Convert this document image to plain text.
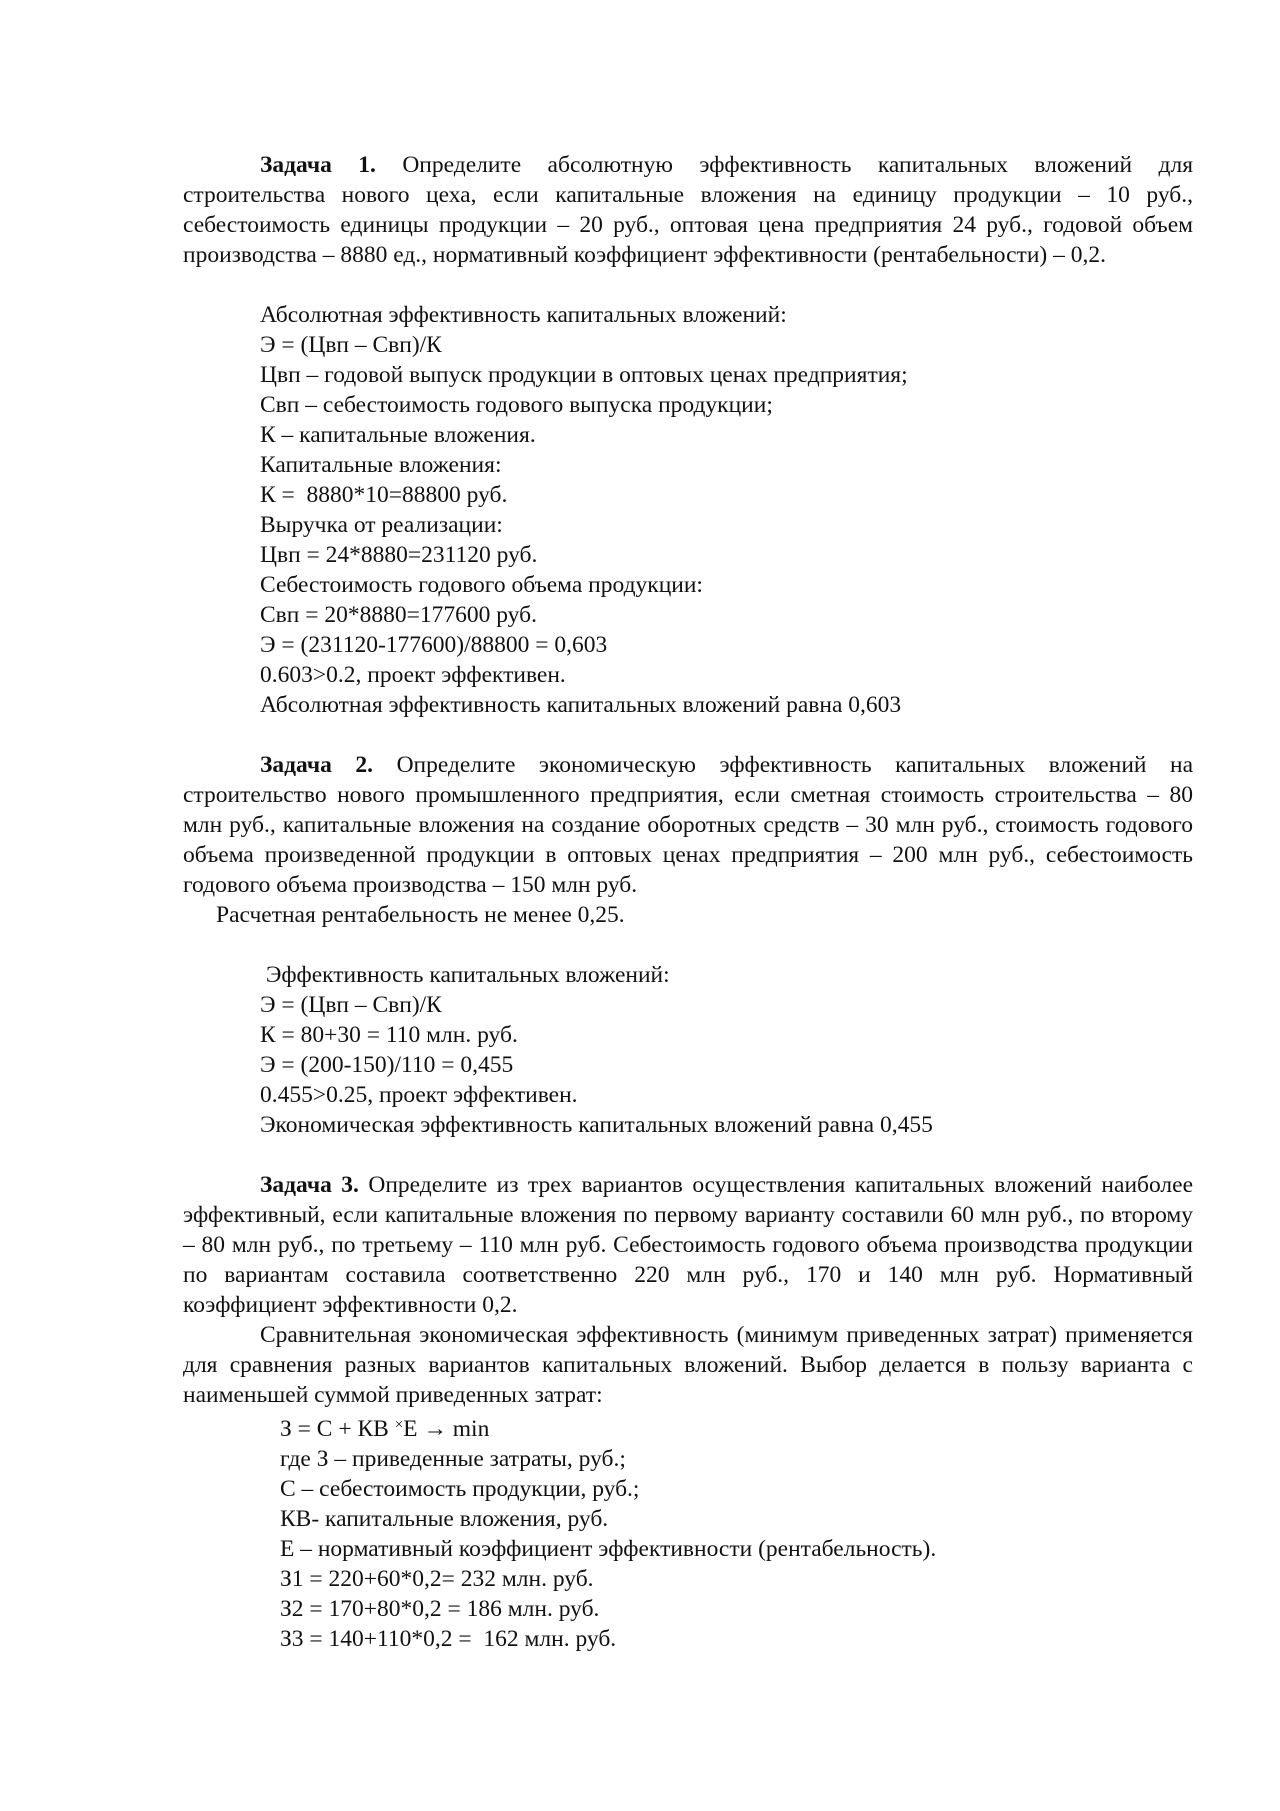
Задача 1. Определите абсолютную эффективность капитальных вложений для строительства нового цеха, если капитальные вложения на единицу продукции – 10 руб., себестоимость единицы продукции – 20 руб., оптовая цена предприятия 24 руб., годовой объем производства – 8880 ед., нормативный коэффициент эффективности (рентабельности) – 0,2.

Абсолютная эффективность капитальных вложений:
Э = (Цвп – Свп)/К
Цвп – годовой выпуск продукции в оптовых ценах предприятия;
Свп – себестоимость годового выпуска продукции;
К – капитальные вложения.
Капитальные вложения:
К =  8880*10=88800 руб.
Выручка от реализации:
Цвп = 24*8880=231120 руб.
Себестоимость годового объема продукции:
Свп = 20*8880=177600 руб.
Э = (231120-177600)/88800 = 0,603
0.603>0.2, проект эффективен.
Абсолютная эффективность капитальных вложений равна 0,603

Задача 2. Определите экономическую эффективность капитальных вложений на строительство нового промышленного предприятия, если сметная стоимость строительства – 80 млн руб., капитальные вложения на создание оборотных средств – 30 млн руб., стоимость годового объема произведенной продукции в оптовых ценах предприятия – 200 млн руб., себестоимость годового объема производства – 150 млн руб.

Расчетная рентабельность не менее 0,25.
Эффективность капитальных вложений:
Э = (Цвп – Свп)/К
К = 80+30 = 110 млн. руб.
Э = (200-150)/110 = 0,455
0.455>0.25, проект эффективен.
Экономическая эффективность капитальных вложений равна 0,455

Задача 3. Определите из трех вариантов осуществления капитальных вложений наиболее эффективный, если капитальные вложения по первому варианту составили 60 млн руб., по второму – 80 млн руб., по третьему – 110 млн руб. Себестоимость годового объема производства продукции по вариантам составила соответственно 220 млн руб., 170 и 140 млн руб. Нормативный коэффициент эффективности 0,2.

Сравнительная экономическая эффективность (минимум приведенных затрат) применяется для сравнения разных вариантов капитальных вложений. Выбор делается в пользу варианта с наименьшей суммой приведенных затрат:

З = С + КВ ×Е → min
где З – приведенные затраты, руб.;
С – себестоимость продукции, руб.;
КВ- капитальные вложения, руб.
Е – нормативный коэффициент эффективности (рентабельность).
З1 = 220+60*0,2= 232 млн. руб.
З2 = 170+80*0,2 = 186 млн. руб.
З3 = 140+110*0,2 =  162 млн. руб.
